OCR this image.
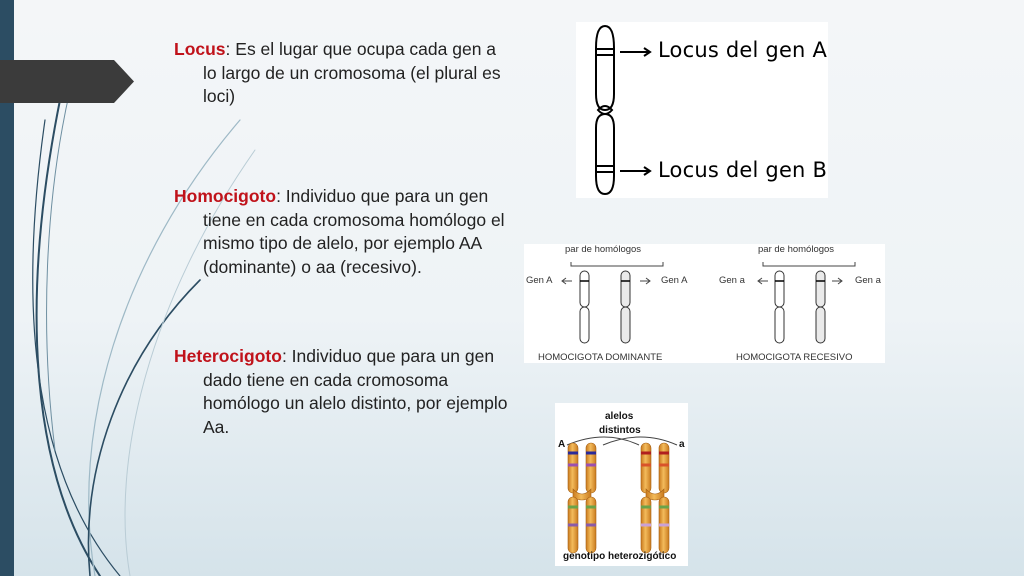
Locus: Es el lugar que ocupa cada gen a lo largo de un cromosoma (el plural es loci)

Homocigoto: Individuo que para un gen tiene en cada cromosoma homólogo el mismo tipo de alelo, por ejemplo AA (dominante) o aa (recesivo).

Heterocigoto: Individuo que para un gen dado tiene en cada cromosoma homólogo un alelo distinto, por ejemplo Aa.

Locus del gen A
Locus del gen B
par de homólogos	par de homólogos
Gen A	Gen A	Gen a	Gen a
HOMOCIGOTA DOMINANTE	HOMOCIGOTA RECESIVO
alelos
distintos
A	a
genotipo heterozigótico
